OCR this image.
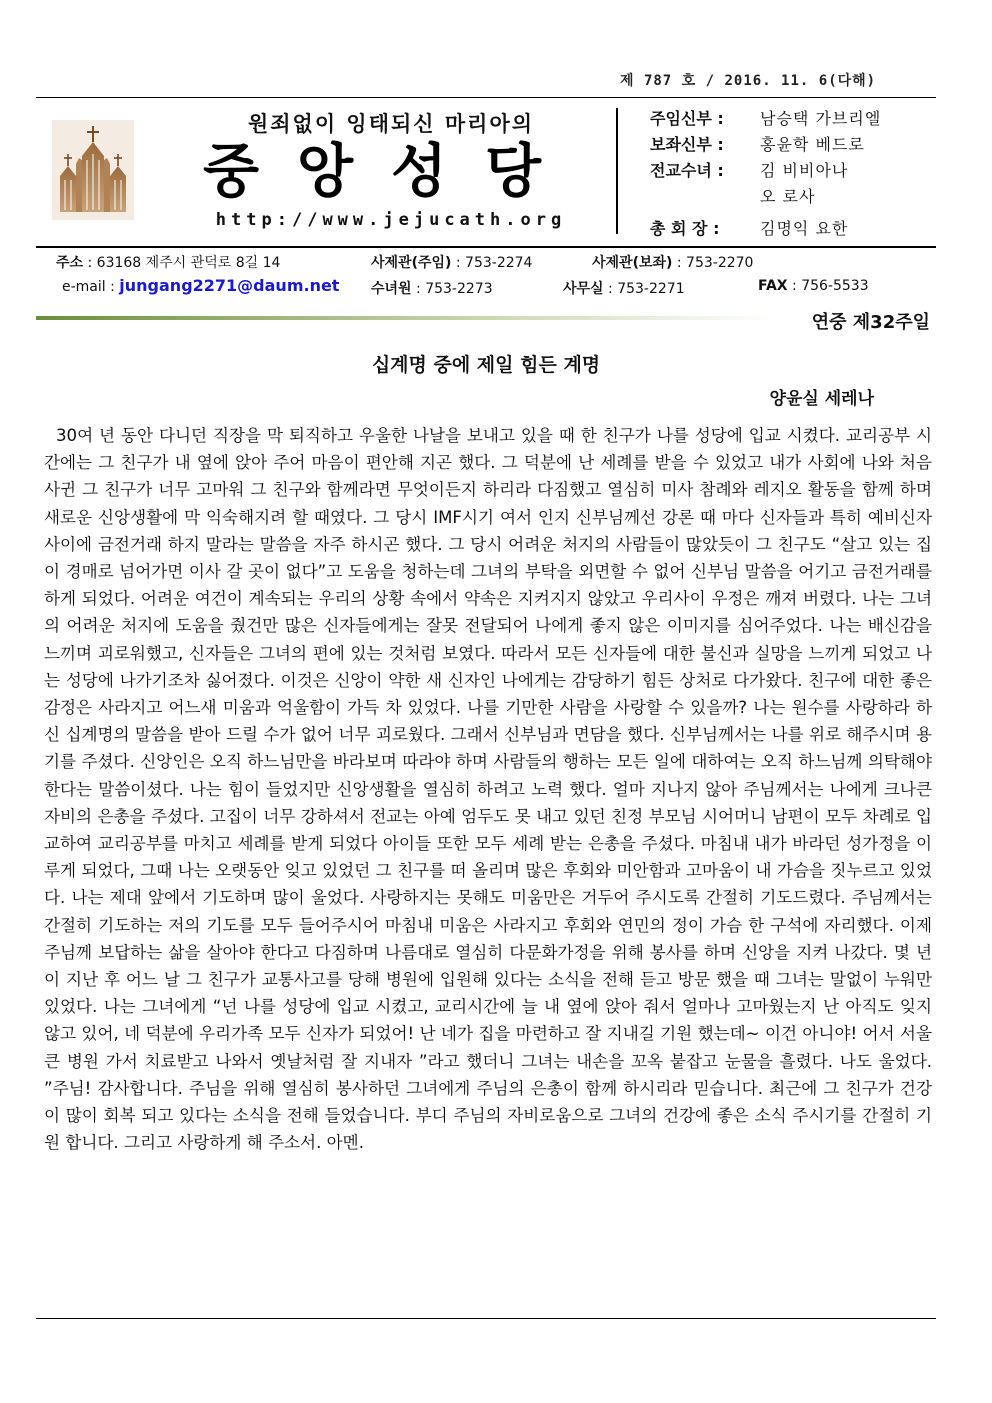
제 787 호 / 2016. 11. 6(다해)
원죄없이 잉태되신 마리아의
중앙성당
http://www.jejucath.org
주임신부 :	남승택 가브리엘
보좌신부 :	홍윤학 베드로
전교수녀 :	김 비비아나
오 로사
총 회 장 :	김명익 요한
주소 : 63168 제주시 관덕로 8길 14	사제관(주임) : 753-2274	사제관(보좌) : 753-2270
e-mail : jungang2271@daum.net 수녀원 : 753-2273	사무실 : 753-2271	FAX : 756-5533
연중 제32주일
십계명 중에 제일 힘든 계명
양윤실 세레나
30여 년 동안 다니던 직장을 막 퇴직하고 우울한 나날을 보내고 있을 때 한 친구가 나를 성당에 입교 시켰다. 교리공부 시간에는 그 친구가 내 옆에 앉아 주어 마음이 편안해 지곤 했다. 그 덕분에 난 세례를 받을 수 있었고 내가 사회에 나와 처음 사귄 그 친구가 너무 고마워 그 친구와 함께라면 무엇이든지 하리라 다짐했고 열심히 미사 참례와 레지오 활동을 함께 하며 새로운 신앙생활에 막 익숙해지려 할 때였다. 그 당시 IMF시기 여서 인지 신부님께선 강론 때 마다 신자들과 특히 예비신자 사이에 금전거래 하지 말라는 말씀을 자주 하시곤 했다. 그 당시 어려운 처지의 사람들이 많았듯이 그 친구도 “살고 있는 집이 경매로 넘어가면 이사 갈 곳이 없다”고 도움을 청하는데 그녀의 부탁을 외면할 수 없어 신부님 말씀을 어기고 금전거래를 하게 되었다. 어려운 여건이 계속되는 우리의 상황 속에서 약속은 지켜지지 않았고 우리사이 우정은 깨져 버렸다. 나는 그녀의 어려운 처지에 도움을 줬건만 많은 신자들에게는 잘못 전달되어 나에게 좋지 않은 이미지를 심어주었다. 나는 배신감을 느끼며 괴로워했고, 신자들은 그녀의 편에 있는 것처럼 보였다. 따라서 모든 신자들에 대한 불신과 실망을 느끼게 되었고 나는 성당에 나가기조차 싫어졌다. 이것은 신앙이 약한 새 신자인 나에게는 감당하기 힘든 상처로 다가왔다. 친구에 대한 좋은 감정은 사라지고 어느새 미움과 억울함이 가득 차 있었다. 나를 기만한 사람을 사랑할 수 있을까? 나는 원수를 사랑하라 하신 십계명의 말씀을 받아 드릴 수가 없어 너무 괴로웠다. 그래서 신부님과 면담을 했다. 신부님께서는 나를 위로 해주시며 용기를 주셨다. 신앙인은 오직 하느님만을 바라보며 따라야 하며 사람들의 행하는 모든 일에 대하여는 오직 하느님께 의탁해야 한다는 말씀이셨다. 나는 힘이 들었지만 신앙생활을 열심히 하려고 노력 했다. 얼마 지나지 않아 주님께서는 나에게 크나큰 자비의 은총을 주셨다. 고집이 너무 강하셔서 전교는 아예 엄두도 못 내고 있던 친정 부모님 시어머니 남편이 모두 차례로 입교하여 교리공부를 마치고 세례를 받게 되었다 아이들 또한 모두 세례 받는 은총을 주셨다. 마침내 내가 바라던 성가정을 이루게 되었다, 그때 나는 오랫동안 잊고 있었던 그 친구를 떠 올리며 많은 후회와 미안함과 고마움이 내 가슴을 짓누르고 있었다. 나는 제대 앞에서 기도하며 많이 울었다. 사랑하지는 못해도 미움만은 거두어 주시도록 간절히 기도드렸다. 주님께서는 간절히 기도하는 저의 기도를 모두 들어주시어 마침내 미움은 사라지고 후회와 연민의 정이 가슴 한 구석에 자리했다. 이제 주님께 보답하는 삶을 살아야 한다고 다짐하며 나름대로 열심히 다문화가정을 위해 봉사를 하며 신앙을 지켜 나갔다. 몇 년이 지난 후 어느 날 그 친구가 교통사고를 당해 병원에 입원해 있다는 소식을 전해 듣고 방문 했을 때 그녀는 말없이 누워만 있었다. 나는 그녀에게 “넌 나를 성당에 입교 시켰고, 교리시간에 늘 내 옆에 앉아 줘서 얼마나 고마웠는지 난 아직도 잊지 않고 있어, 네 덕분에 우리가족 모두 신자가 되었어! 난 네가 집을 마련하고 잘 지내길 기원 했는데~ 이건 아니야! 어서 서울 큰 병원 가서 치료받고 나와서 옛날처럼 잘 지내자 ”라고 했더니 그녀는 내손을 꼬옥 붙잡고 눈물을 흘렸다. 나도 울었다. ”주님! 감사합니다. 주님을 위해 열심히 봉사하던 그녀에게 주님의 은총이 함께 하시리라 믿습니다. 최근에 그 친구가 건강이 많이 회복 되고 있다는 소식을 전해 들었습니다. 부디 주님의 자비로움으로 그녀의 건강에 좋은 소식 주시기를 간절히 기원 합니다. 그리고 사랑하게 해 주소서. 아멘.
